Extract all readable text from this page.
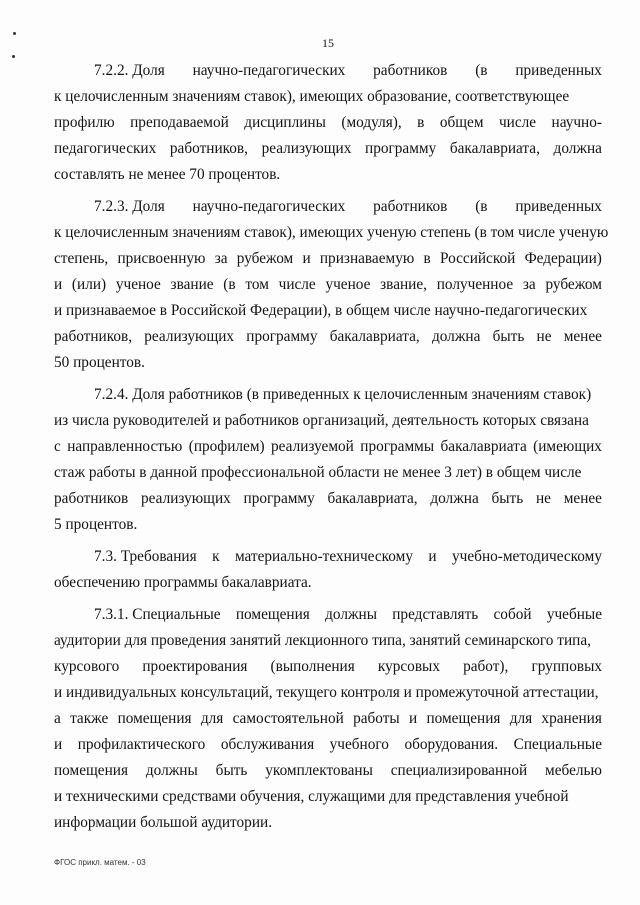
15
7.2.2. Доля научно-педагогических работников (в приведенных
к целочисленным значениям ставок), имеющих образование, соответствующее
профилю преподаваемой дисциплины (модуля), в общем числе научно-
педагогических работников, реализующих программу бакалавриата, должна
составлять не менее 70 процентов.
7.2.3. Доля научно-педагогических работников (в приведенных
к целочисленным значениям ставок), имеющих ученую степень (в том числе ученую
степень, присвоенную за рубежом и признаваемую в Российской Федерации)
и (или) ученое звание (в том числе ученое звание, полученное за рубежом
и признаваемое в Российской Федерации), в общем числе научно-педагогических
работников, реализующих программу бакалавриата, должна быть не менее
50 процентов.
7.2.4. Доля работников (в приведенных к целочисленным значениям ставок)
из числа руководителей и работников организаций, деятельность которых связана
с направленностью (профилем) реализуемой программы бакалавриата (имеющих
стаж работы в данной профессиональной области не менее 3 лет) в общем числе
работников реализующих программу бакалавриата, должна быть не менее
5 процентов.
7.3. Требования к материально-техническому и учебно-методическому
обеспечению программы бакалавриата.
7.3.1. Специальные помещения должны представлять собой учебные
аудитории для проведения занятий лекционного типа, занятий семинарского типа,
курсового проектирования (выполнения курсовых работ), групповых
и индивидуальных консультаций, текущего контроля и промежуточной аттестации,
а также помещения для самостоятельной работы и помещения для хранения
и профилактического обслуживания учебного оборудования. Специальные
помещения должны быть укомплектованы специализированной мебелью
и техническими средствами обучения, служащими для представления учебной
информации большой аудитории.
ФГОС прикл. матем. - 03
